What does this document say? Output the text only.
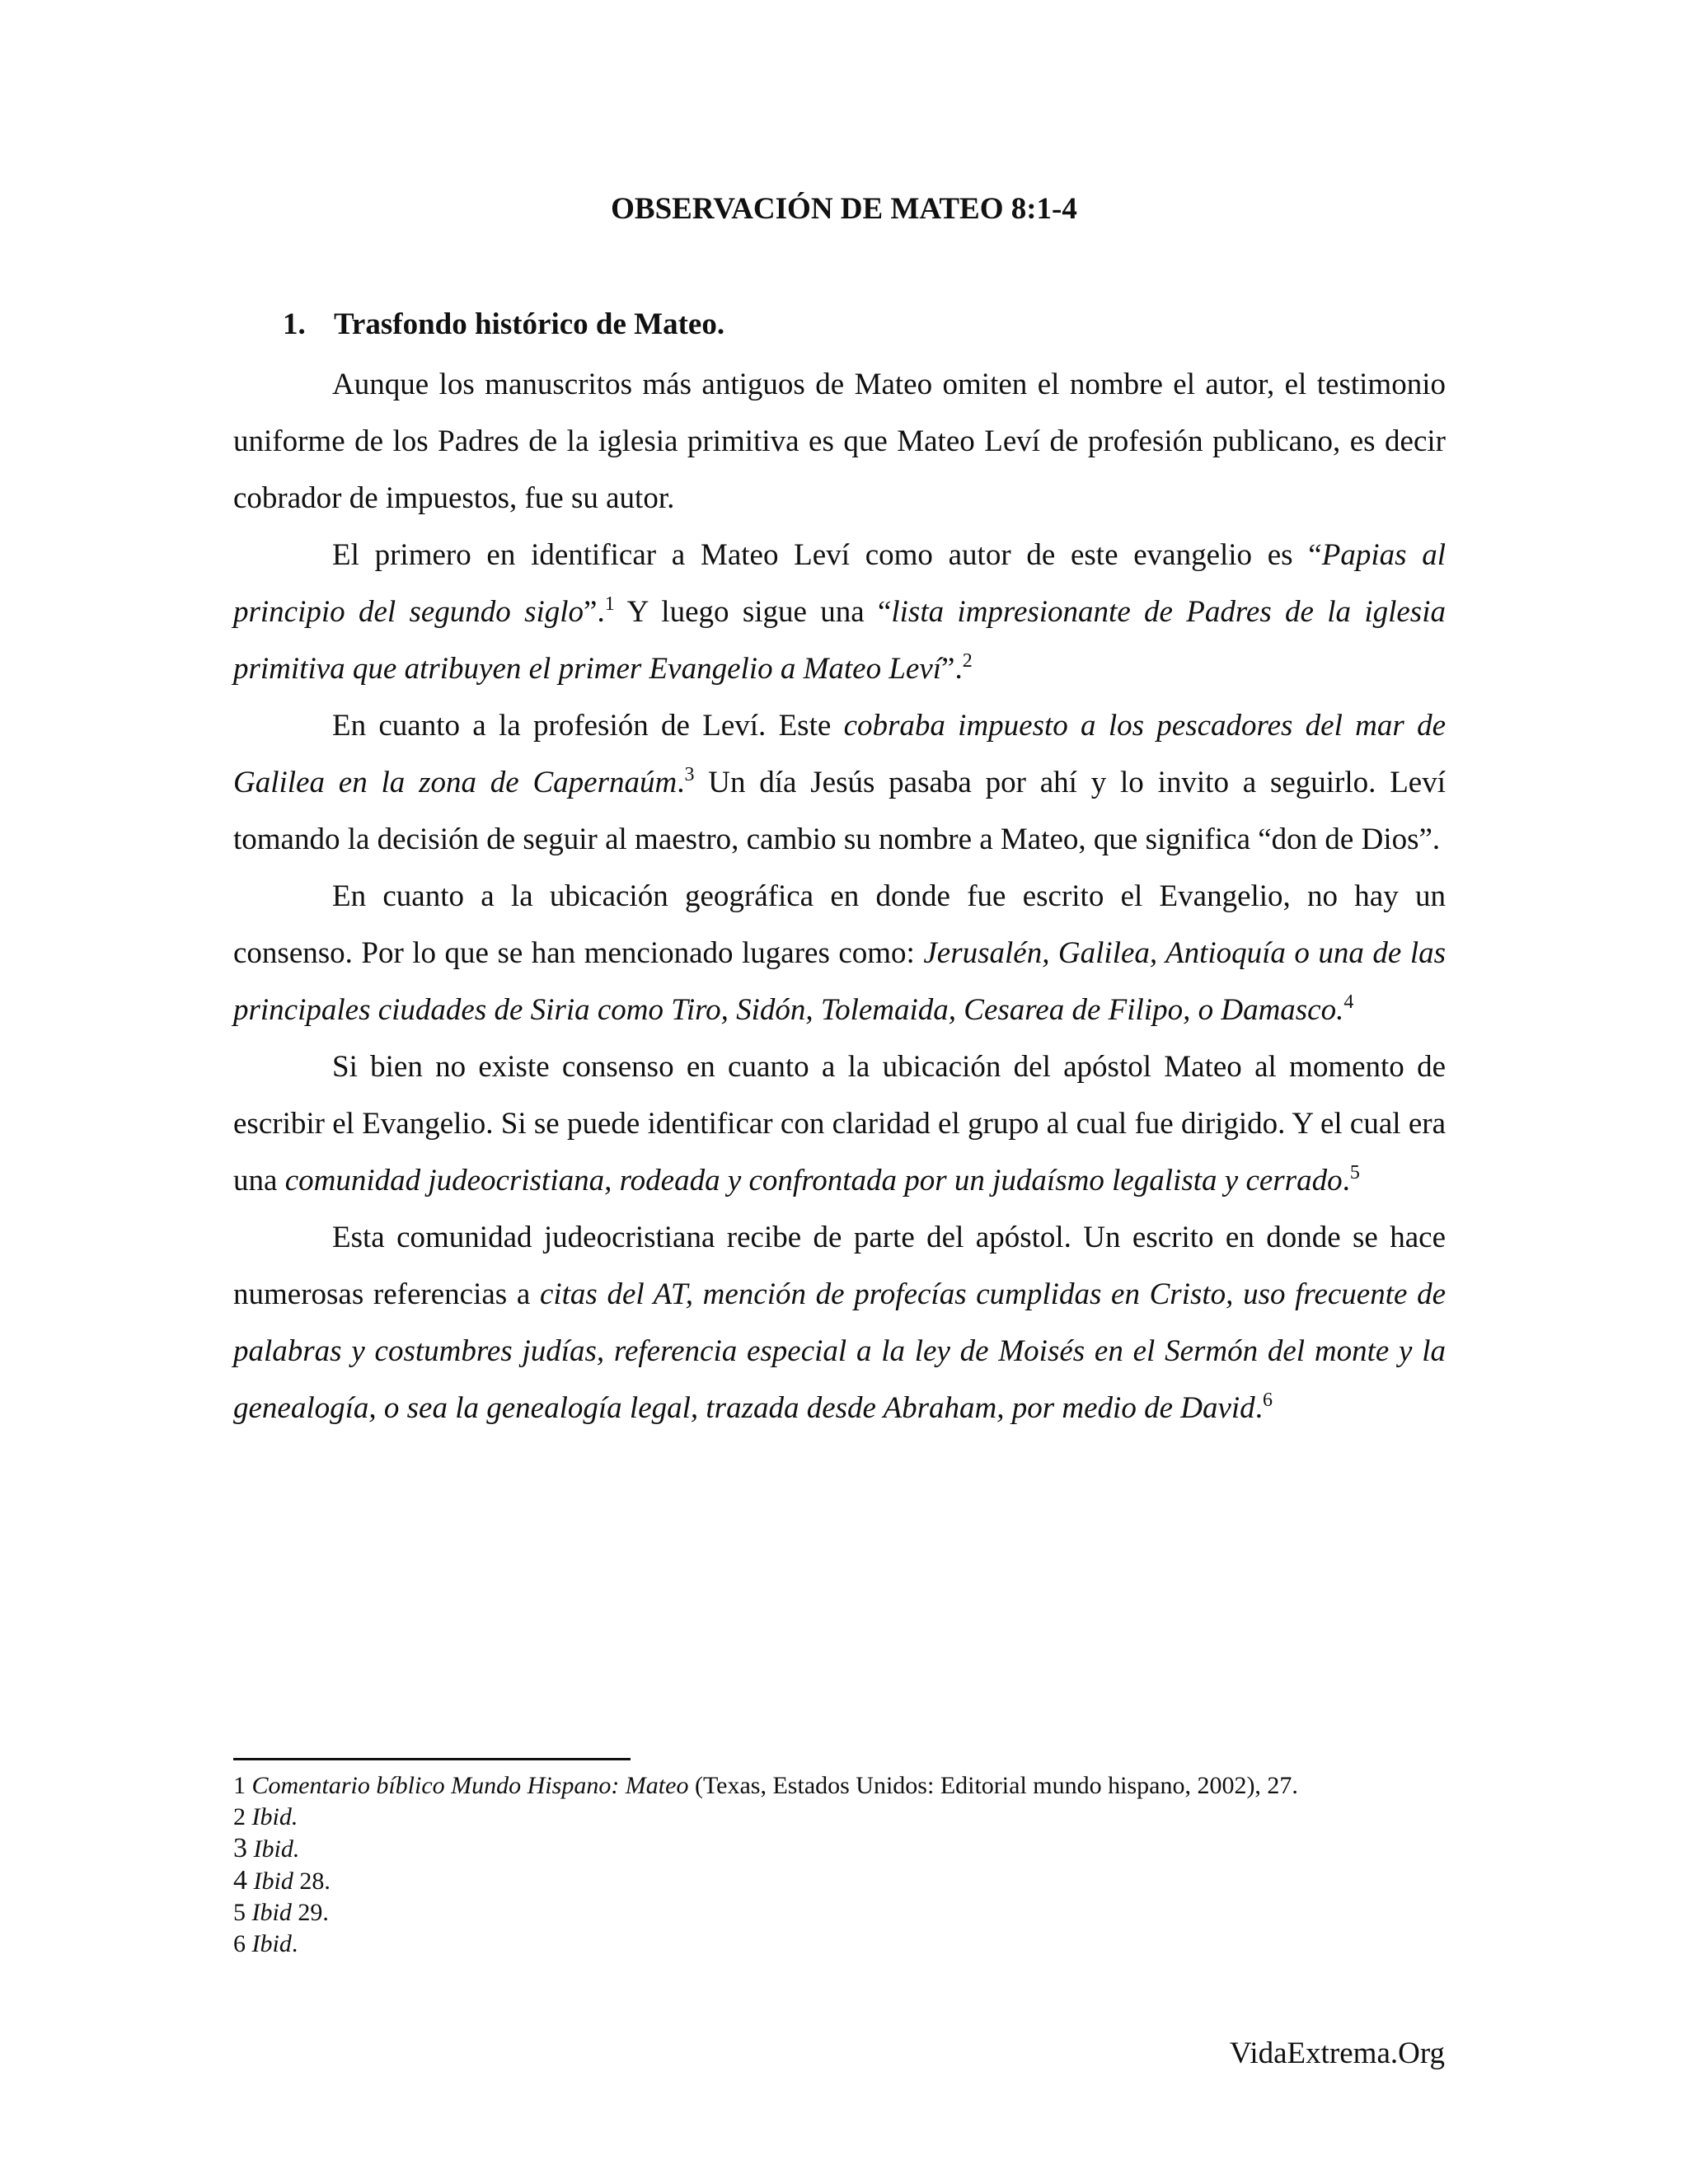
OBSERVACIÓN DE MATEO 8:1-4
1. Trasfondo histórico de Mateo.

Aunque los manuscritos más antiguos de Mateo omiten el nombre el autor, el testimonio uniforme de los Padres de la iglesia primitiva es que Mateo Leví de profesión publicano, es decir cobrador de impuestos, fue su autor.

El primero en identificar a Mateo Leví como autor de este evangelio es “Papias al principio del segundo siglo”.$^1$ Y luego sigue una “lista impresionante de Padres de la iglesia primitiva que atribuyen el primer Evangelio a Mateo Leví”.$^2$

En cuanto a la profesión de Leví. Este cobraba impuesto a los pescadores del mar de Galilea en la zona de Capernaúm.$^3$ Un día Jesús pasaba por ahí y lo invito a seguirlo. Leví tomando la decisión de seguir al maestro, cambio su nombre a Mateo, que significa “don de Dios”.

En cuanto a la ubicación geográfica en donde fue escrito el Evangelio, no hay un consenso. Por lo que se han mencionado lugares como: Jerusalén, Galilea, Antioquía o una de las principales ciudades de Siria como Tiro, Sidón, Tolemaida, Cesarea de Filipo, o Damasco.$^4$

Si bien no existe consenso en cuanto a la ubicación del apóstol Mateo al momento de escribir el Evangelio. Si se puede identificar con claridad el grupo al cual fue dirigido. Y el cual era una comunidad judeocristiana, rodeada y confrontada por un judaísmo legalista y cerrado.$^5$

Esta comunidad judeocristiana recibe de parte del apóstol. Un escrito en donde se hace numerosas referencias a citas del AT, mención de profecías cumplidas en Cristo, uso frecuente de palabras y costumbres judías, referencia especial a la ley de Moisés en el Sermón del monte y la genealogía, o sea la genealogía legal, trazada desde Abraham, por medio de David.$^6$

1 Comentario bíblico Mundo Hispano: Mateo (Texas, Estados Unidos: Editorial mundo hispano, 2002), 27.

2 Ibid.

3 Ibid.

4 Ibid 28.

5 Ibid 29.

6 Ibid.

VidaExtrema.Org
